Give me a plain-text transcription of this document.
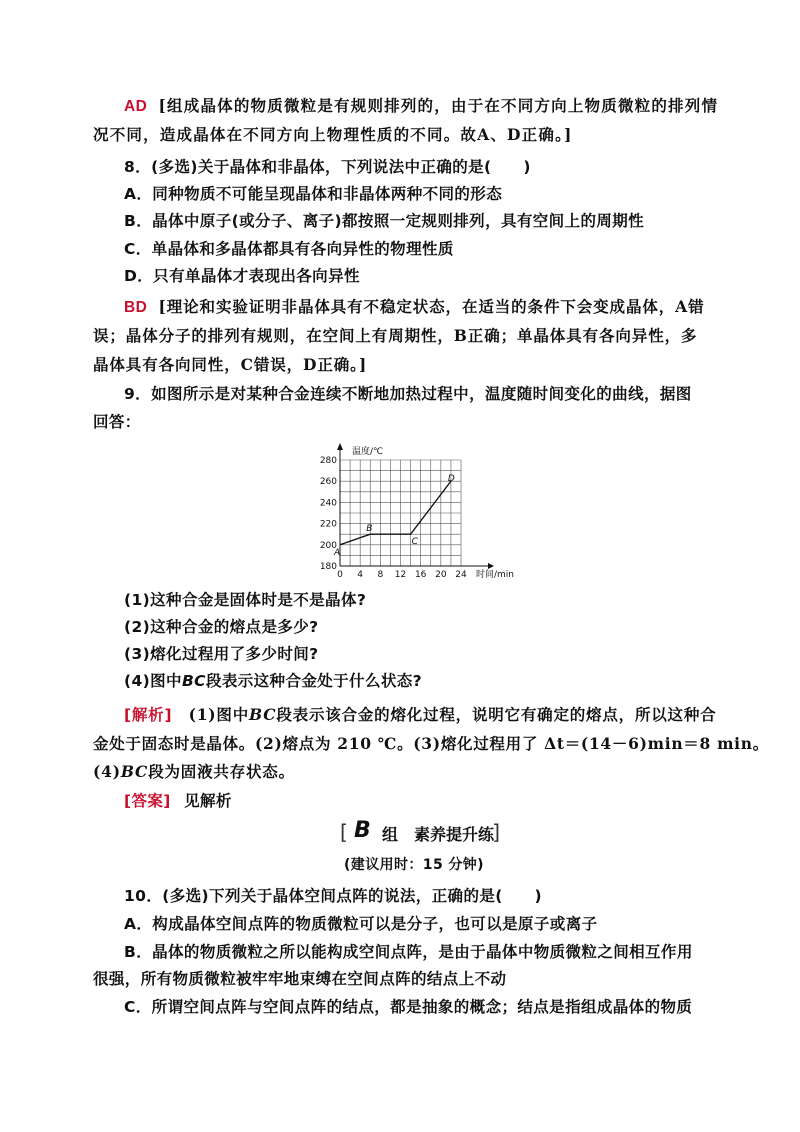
AD [组成晶体的物质微粒是有规则排列的，由于在不同方向上物质微粒的排列情
况不同，造成晶体在不同方向上物理性质的不同。故A、D正确。]
8．(多选)关于晶体和非晶体，下列说法中正确的是(　　)
A．同种物质不可能呈现晶体和非晶体两种不同的形态
B．晶体中原子(或分子、离子)都按照一定规则排列，具有空间上的周期性
C．单晶体和多晶体都具有各向异性的物理性质
D．只有单晶体才表现出各向异性
BD [理论和实验证明非晶体具有不稳定状态，在适当的条件下会变成晶体，A错
误；晶体分子的排列有规则，在空间上有周期性，B正确；单晶体具有各向异性，多
晶体具有各向同性，C错误，D正确。]
9．如图所示是对某种合金连续不断地加热过程中，温度随时间变化的曲线，据图
回答：
0 4 8 12 16 20 24
180
200
220
240
260
280
A
B
C
D
温度/℃
时间/min
(1)这种合金是固体时是不是晶体?
(2)这种合金的熔点是多少?
(3)熔化过程用了多少时间?
(4)图中BC段表示这种合金处于什么状态?
[解析] (1)图中BC段表示该合金的熔化过程，说明它有确定的熔点，所以这种合
金处于固态时是晶体。(2)熔点为 210 ℃。(3)熔化过程用了 Δt＝(14－6)min＝8 min。
(4)BC段为固液共存状态。
[答案] 见解析
[ B 组　素养提升练
]
(建议用时：15 分钟)
10．(多选)下列关于晶体空间点阵的说法，正确的是(　　)
A．构成晶体空间点阵的物质微粒可以是分子，也可以是原子或离子
B．晶体的物质微粒之所以能构成空间点阵，是由于晶体中物质微粒之间相互作用
很强，所有物质微粒被牢牢地束缚在空间点阵的结点上不动
C．所谓空间点阵与空间点阵的结点，都是抽象的概念；结点是指组成晶体的物质
